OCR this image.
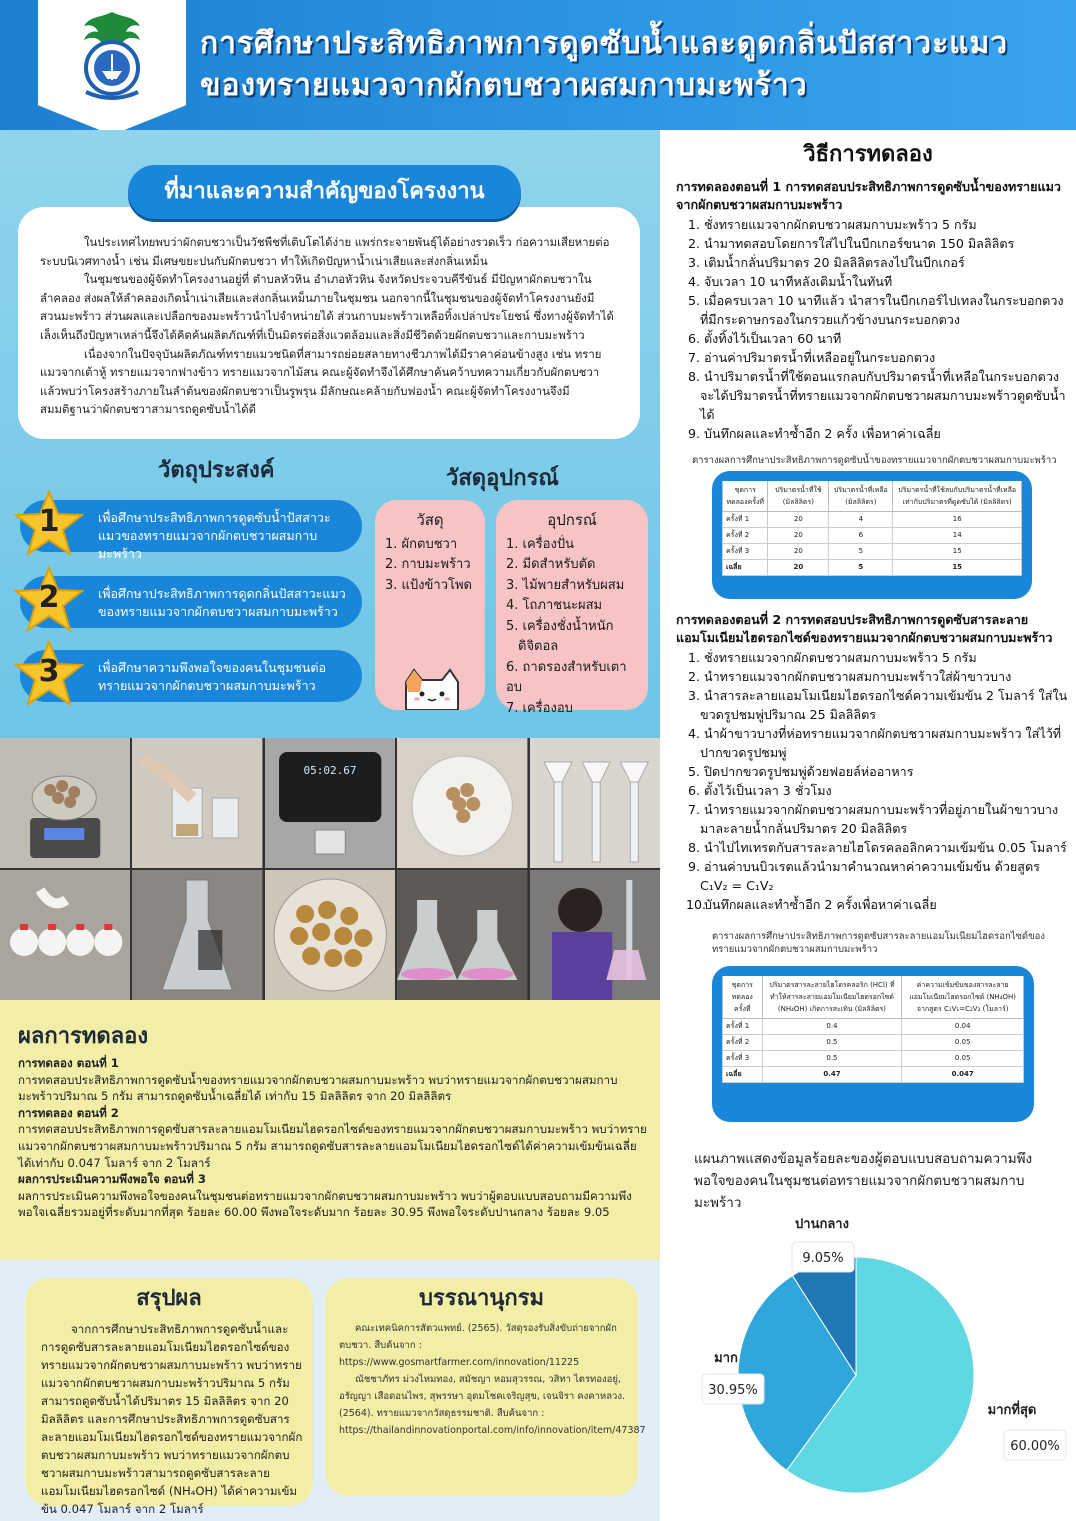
การศึกษาประสิทธิภาพการดูดซับน้ำและดูดกลิ่นปัสสาวะแมว
ของทรายแมวจากผักตบชวาผสมกาบมะพร้าว

ในประเทศไทยพบว่าผักตบชวาเป็นวัชพืชที่เติบโตได้ง่าย แพร่กระจายพันธุ์ได้อย่างรวดเร็ว ก่อความเสียหายต่อระบบนิเวศทางน้ำ เช่น มีเศษขยะปนกับผักตบชวา ทำให้เกิดปัญหาน้ำเน่าเสียและส่งกลิ่นเหม็น

ในชุมชนของผู้จัดทำโครงงานอยู่ที่ ตำบลหัวหิน อำเภอหัวหิน จังหวัดประจวบคีรีขันธ์ มีปัญหาผักตบชวาในลำคลอง ส่งผลให้ลำคลองเกิดน้ำเน่าเสียและส่งกลิ่นเหม็นภายในชุมชน นอกจากนี้ในชุมชนของผู้จัดทำโครงงานยังมีสวนมะพร้าว ส่วนผลและเปลือกของมะพร้าวนำไปจำหน่ายได้ ส่วนกาบมะพร้าวเหลือทิ้งเปล่าประโยชน์ ซึ่งทางผู้จัดทำได้เล็งเห็นถึงปัญหาเหล่านี้จึงได้คิดค้นผลิตภัณฑ์ที่เป็นมิตรต่อสิ่งแวดล้อมและสิ่งมีชีวิตด้วยผักตบชวาและกาบมะพร้าว

เนื่องจากในปัจจุบันผลิตภัณฑ์ทรายแมวชนิดที่สามารถย่อยสลายทางชีวภาพได้มีราคาค่อนข้างสูง เช่น ทรายแมวจากเต้าหู้ ทรายแมวจากฟางข้าว ทรายแมวจากไม้สน คณะผู้จัดทำจึงได้ศึกษาค้นคว้าบทความเกี่ยวกับผักตบชวาแล้วพบว่าโครงสร้างภายในลำต้นของผักตบชวาเป็นรูพรุน มีลักษณะคล้ายกับฟองน้ำ คณะผู้จัดทำโครงงานจึงมีสมมติฐานว่าผักตบชวาสามารถดูดซับน้ำได้ดี

ที่มาและความสำคัญของโครงงาน
วัตถุประสงค์
เพื่อศึกษาประสิทธิภาพการดูดซับน้ำปัสสาวะแมวของทรายแมวจากผักตบชวาผสมกาบมะพร้าว
เพื่อศึกษาประสิทธิภาพการดูดกลิ่นปัสสาวะแมวของทรายแมวจากผักตบชวาผสมกาบมะพร้าว
เพื่อศึกษาความพึงพอใจของคนในชุมชนต่อทรายแมวจากผักตบชวาผสมกาบมะพร้าว
1
2
3
วัสดุอุปกรณ์
วัสดุ
1. ผักตบชวา
2. กาบมะพร้าว
3. แป้งข้าวโพด
อุปกรณ์
1. เครื่องปั่น
2. มีดสำหรับตัด
3. ไม้พายสำหรับผสม
4. โถภาชนะผสม
5. เครื่องชั่งน้ำหนัก
ดิจิตอล
6. ถาดรองสำหรับเตาอบ
7. เครื่องอบ
05:02.67
ผลการทดลอง
การทดลอง ตอนที่ 1
การทดสอบประสิทธิภาพการดูดซับน้ำของทรายแมวจากผักตบชวาผสมกาบมะพร้าว พบว่าทรายแมวจากผักตบชวาผสมกาบมะพร้าวปริมาณ 5 กรัม สามารถดูดซับน้ำเฉลี่ยได้ เท่ากับ 15 มิลลิลิตร จาก 20 มิลลิลิตร
การทดลอง ตอนที่ 2
การทดสอบประสิทธิภาพการดูดซับสารละลายแอมโมเนียมไฮดรอกไซด์ของทรายแมวจากผักตบชวาผสมกาบมะพร้าว พบว่าทรายแมวจากผักตบชวาผสมกาบมะพร้าวปริมาณ 5 กรัม สามารถดูดซับสารละลายแอมโมเนียมไฮดรอกไซด์ได้ค่าความเข้มข้นเฉลี่ยได้เท่ากับ 0.047 โมลาร์ จาก 2 โมลาร์
ผลการประเมินความพึงพอใจ ตอนที่ 3
ผลการประเมินความพึงพอใจของคนในชุมชนต่อทรายแมวจากผักตบชวาผสมกาบมะพร้าว พบว่าผู้ตอบแบบสอบถามมีความพึงพอใจเฉลี่ยรวมอยู่ที่ระดับมากที่สุด ร้อยละ 60.00 พึงพอใจระดับมาก ร้อยละ 30.95 พึงพอใจระดับปานกลาง ร้อยละ 9.05

จากการศึกษาประสิทธิภาพการดูดซับน้ำและการดูดซับสารละลายแอมโมเนียมไฮดรอกไซด์ของทรายแมวจากผักตบชวาผสมกาบมะพร้าว พบว่าทรายแมวจากผักตบชวาผสมกาบมะพร้าวปริมาณ 5 กรัม สามารถดูดซับน้ำได้ปริมาตร 15 มิลลิลิตร จาก 20 มิลลิลิตร และการศึกษาประสิทธิภาพการดูดซับสารละลายแอมโมเนียมไฮดรอกไซด์ของทรายแมวจากผักตบชวาผสมกาบมะพร้าว พบว่าทรายแมวจากผักตบชวาผสมกาบมะพร้าวสามารถดูดซับสารละลายแอมโมเนียมไฮดรอกไซด์ (NH₄OH) ได้ค่าความเข้มข้น 0.047 โมลาร์ จาก 2 โมลาร์

สรุปผล

คณะเทคนิคการสัตวแพทย์. (2565). วัสดุรองรับสิ่งขับถ่ายจากผักตบชวา. สืบค้นจาก : https://www.gosmartfarmer.com/innovation/11225

ณัชชาภัทร ม่วงไหมทอง, สมัชญา หอมสุวรรณ, วสิทา ไตรทองอยู่, อรัญญา เสือดอนไพร, สุพรรษา อุดมโชคเจริญสุข, เจนจิรา คงคาหลวง. (2564). ทรายแมวจากวัสดุธรรมชาติ. สืบค้นจาก : https://thailandinnovationportal.com/info/innovation/item/47387

บรรณานุกรม
วิธีการทดลอง
การทดลองตอนที่ 1 การทดสอบประสิทธิภาพการดูดซับน้ำของทรายแมวจากผักตบชวาผสมกาบมะพร้าว
1. ชั่งทรายแมวจากผักตบชวาผสมกาบมะพร้าว 5 กรัม
2. นำมาทดสอบโดยการใส่ไปในบีกเกอร์ขนาด 150 มิลลิลิตร
3. เติมน้ำกลั่นปริมาตร 20 มิลลิลิตรลงไปในบีกเกอร์
4. จับเวลา 10 นาทีหลังเติมน้ำในทันที
5. เมื่อครบเวลา 10 นาทีแล้ว นำสารในบีกเกอร์ไปเทลงในกระบอกตวงที่มีกระดาษกรองในกรวยแก้วข้างบนกระบอกตวง
6. ตั้งทิ้งไว้เป็นเวลา 60 นาที
7. อ่านค่าปริมาตรน้ำที่เหลืออยู่ในกระบอกตวง
8. นำปริมาตรน้ำที่ใช้ตอนแรกลบกับปริมาตรน้ำที่เหลือในกระบอกตวง จะได้ปริมาตรน้ำที่ทรายแมวจากผักตบชวาผสมกาบมะพร้าวดูดซับน้ำได้
9. บันทึกผลและทำซ้ำอีก 2 ครั้ง เพื่อหาค่าเฉลี่ย
ตารางผลการศึกษาประสิทธิภาพการดูดซับน้ำของทรายแมวจากผักตบชวาผสมกาบมะพร้าว
ชุดการทดลองครั้งที่	ปริมาตรน้ำที่ใช้ (มิลลิลิตร)	ปริมาตรน้ำที่เหลือ (มิลลิลิตร)	ปริมาตรน้ำที่ใช้ลบกับปริมาตรน้ำที่เหลือเท่ากับปริมาตรที่ดูดซับได้ (มิลลิลิตร)
ครั้งที่ 1	20	4	16
ครั้งที่ 2	20	6	14
ครั้งที่ 3	20	5	15
เฉลี่ย	20	5	15
การทดลองตอนที่ 2 การทดสอบประสิทธิภาพการดูดซับสารละลายแอมโมเนียมไฮดรอกไซด์ของทรายแมวจากผักตบชวาผสมกาบมะพร้าว
1. ชั่งทรายแมวจากผักตบชวาผสมกาบมะพร้าว 5 กรัม
2. นำทรายแมวจากผักตบชวาผสมกาบมะพร้าวใส่ผ้าขาวบาง
3. นำสารละลายแอมโมเนียมไฮดรอกไซด์ความเข้มข้น 2 โมลาร์ ใส่ในขวดรูปชมพู่ปริมาณ 25 มิลลิลิตร
4. นำผ้าขาวบางที่ห่อทรายแมวจากผักตบชวาผสมกาบมะพร้าว ใส่ไว้ที่ปากขวดรูปชมพู่
5. ปิดปากขวดรูปชมพู่ด้วยฟอยล์ห่ออาหาร
6. ตั้งไว้เป็นเวลา 3 ชั่วโมง
7. นำทรายแมวจากผักตบชวาผสมกาบมะพร้าวที่อยู่ภายในผ้าขาวบาง มาละลายน้ำกลั่นปริมาตร 20 มิลลิลิตร
8. นำไปไทเทรตกับสารละลายไฮโดรคลอลิกความเข้มข้น 0.05 โมลาร์
9. อ่านค่าบนบิวเรตแล้วนำมาคำนวณหาค่าความเข้มข้น ด้วยสูตร C₁V₂ = C₁V₂
10.บันทึกผลและทำซ้ำอีก 2 ครั้งเพื่อหาค่าเฉลี่ย
ตารางผลการศึกษาประสิทธิภาพการดูดซับสารละลายแอมโมเนียมไฮดรอกไซด์ของทรายแมวจากผักตบชวาผสมกาบมะพร้าว
ชุดการทดลองครั้งที่	ปริมาตรสารละลายไฮโดรคลอริก (HCl) ที่ทำให้สารละลายแอมโมเนียมไฮดรอกไซด์ (NH₄OH) เกิดการสะเทิน (มิลลิลิตร)	ค่าความเข้มข้นของสารละลายแอมโมเนียมไฮดรอกไซด์ (NH₄OH) จากสูตร C₁V₁=C₂V₂ (โมลาร์)
ครั้งที่ 1	0.4	0.04
ครั้งที่ 2	0.5	0.05
ครั้งที่ 3	0.5	0.05
เฉลี่ย	0.47	0.047
แผนภาพแสดงข้อมูลร้อยละของผู้ตอบแบบสอบถามความพึงพอใจของคนในชุมชนต่อทรายแมวจากผักตบชวาผสมกาบมะพร้าว
มากที่สุด
60.00%
มาก
30.95%
ปานกลาง
9.05%
